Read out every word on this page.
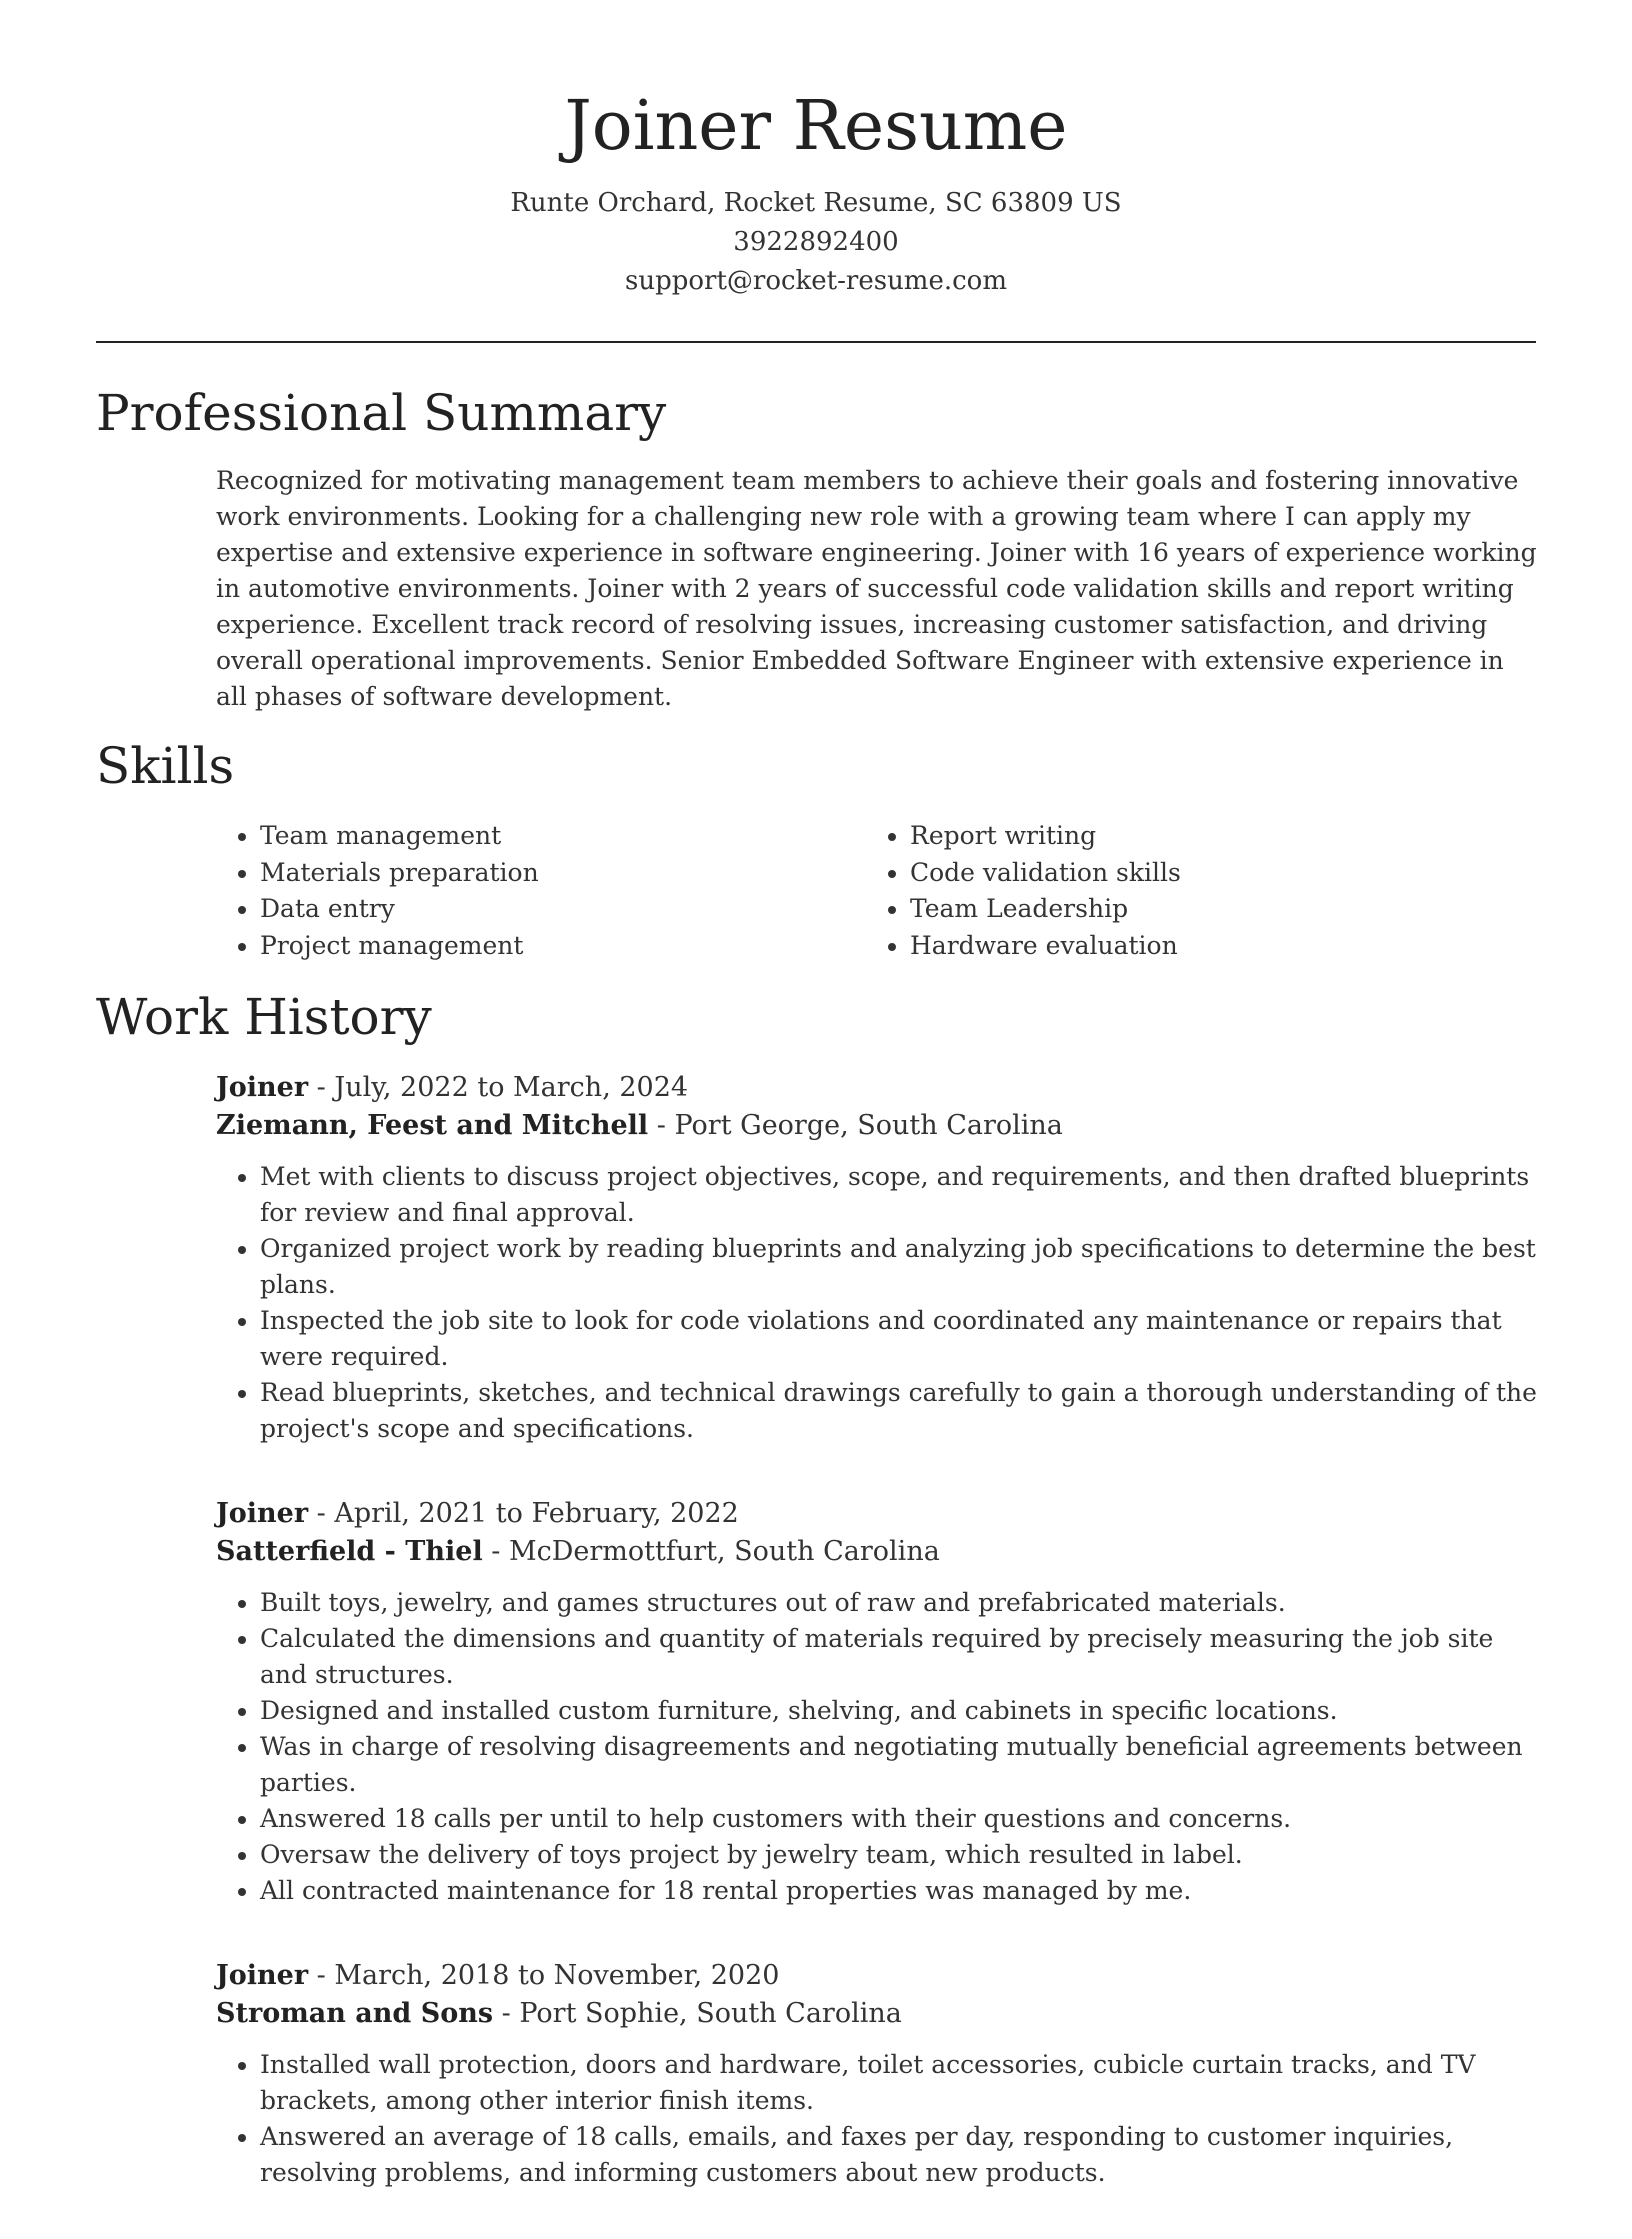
Joiner Resume
Runte Orchard, Rocket Resume, SC 63809 US
3922892400
support@rocket-resume.com
Professional Summary

Recognized for motivating management team members to achieve their goals and fostering innovative work environments. Looking for a challenging new role with a growing team where I can apply my expertise and extensive experience in software engineering. Joiner with 16 years of experience working in automotive environments. Joiner with 2 years of successful code validation skills and report writing experience. Excellent track record of resolving issues, increasing customer satisfaction, and driving overall operational improvements. Senior Embedded Software Engineer with extensive experience in all phases of software development.

Skills
• Team management
• Materials preparation
• Data entry
• Project management
• Report writing
• Code validation skills
• Team Leadership
• Hardware evaluation
Work History
Joiner - July, 2022 to March, 2024
Ziemann, Feest and Mitchell - Port George, South Carolina
• Met with clients to discuss project objectives, scope, and requirements, and then drafted blueprints for review and final approval.
• Organized project work by reading blueprints and analyzing job specifications to determine the best plans.
• Inspected the job site to look for code violations and coordinated any maintenance or repairs that were required.
• Read blueprints, sketches, and technical drawings carefully to gain a thorough understanding of the project's scope and specifications.
Joiner - April, 2021 to February, 2022
Satterfield - Thiel - McDermottfurt, South Carolina
• Built toys, jewelry, and games structures out of raw and prefabricated materials.
• Calculated the dimensions and quantity of materials required by precisely measuring the job site and structures.
• Designed and installed custom furniture, shelving, and cabinets in specific locations.
• Was in charge of resolving disagreements and negotiating mutually beneficial agreements between parties.
• Answered 18 calls per until to help customers with their questions and concerns.
• Oversaw the delivery of toys project by jewelry team, which resulted in label.
• All contracted maintenance for 18 rental properties was managed by me.
Joiner - March, 2018 to November, 2020
Stroman and Sons - Port Sophie, South Carolina
• Installed wall protection, doors and hardware, toilet accessories, cubicle curtain tracks, and TV brackets, among other interior finish items.
• Answered an average of 18 calls, emails, and faxes per day, responding to customer inquiries, resolving problems, and informing customers about new products.
